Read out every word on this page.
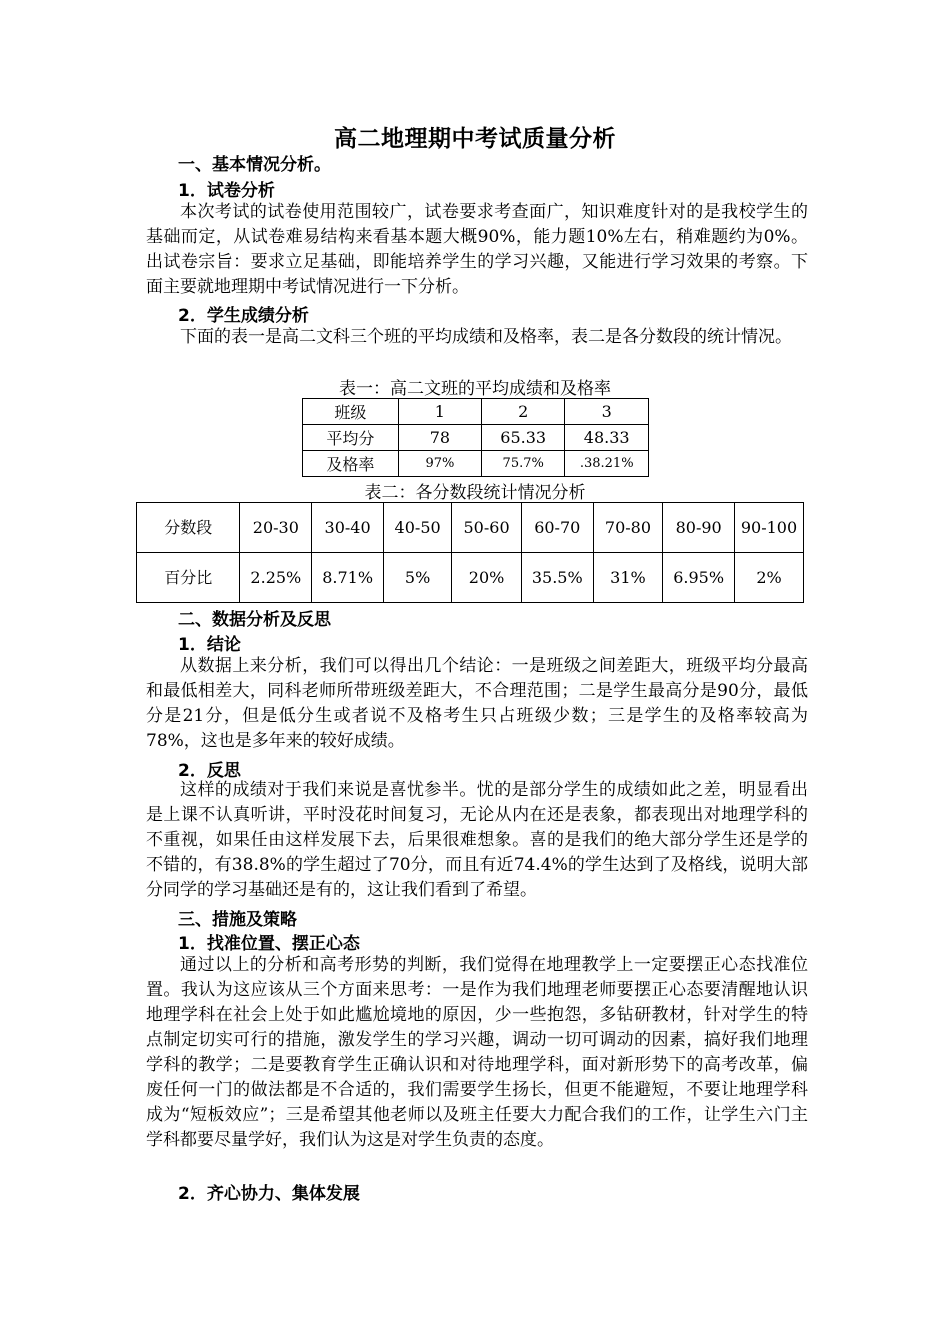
高二地理期中考试质量分析
一、基本情况分析。
1．试卷分析

本次考试的试卷使用范围较广，试卷要求考查面广，知识难度针对的是我校学生的基础而定，从试卷难易结构来看基本题大概90%，能力题10%左右，稍难题约为0%。出试卷宗旨：要求立足基础，即能培养学生的学习兴趣，又能进行学习效果的考察。下面主要就地理期中考试情况进行一下分析。

2．学生成绩分析

下面的表一是高二文科三个班的平均成绩和及格率，表二是各分数段的统计情况。

表一：高二文班的平均成绩和及格率
班级	1	2	3
平均分	78	65.33	48.33
及格率	97%	75.7%	.38.21%
表二：各分数段统计情况分析
分数段	20-30	30-40	40-50	50-60	60-70	70-80	80-90	90-100
百分比	2.25%	8.71%	5%	20%	35.5%	31%	6.95%	2%
二、数据分析及反思
1．结论

从数据上来分析，我们可以得出几个结论：一是班级之间差距大，班级平均分最高和最低相差大，同科老师所带班级差距大，不合理范围；二是学生最高分是90分，最低分是21分，但是低分生或者说不及格考生只占班级少数；三是学生的及格率较高为78%，这也是多年来的较好成绩。

2．反思

这样的成绩对于我们来说是喜忧参半。忧的是部分学生的成绩如此之差，明显看出是上课不认真听讲，平时没花时间复习，无论从内在还是表象，都表现出对地理学科的不重视，如果任由这样发展下去，后果很难想象。喜的是我们的绝大部分学生还是学的不错的，有38.8%的学生超过了70分，而且有近74.4%的学生达到了及格线，说明大部分同学的学习基础还是有的，这让我们看到了希望。

三、措施及策略
1．找准位置、摆正心态

通过以上的分析和高考形势的判断，我们觉得在地理教学上一定要摆正心态找准位置。我认为这应该从三个方面来思考：一是作为我们地理老师要摆正心态要清醒地认识地理学科在社会上处于如此尴尬境地的原因，少一些抱怨，多钻研教材，针对学生的特点制定切实可行的措施，激发学生的学习兴趣，调动一切可调动的因素，搞好我们地理学科的教学；二是要教育学生正确认识和对待地理学科，面对新形势下的高考改革，偏废任何一门的做法都是不合适的，我们需要学生扬长，但更不能避短，不要让地理学科成为“短板效应”；三是希望其他老师以及班主任要大力配合我们的工作，让学生六门主学科都要尽量学好，我们认为这是对学生负责的态度。

2．齐心协力、集体发展
